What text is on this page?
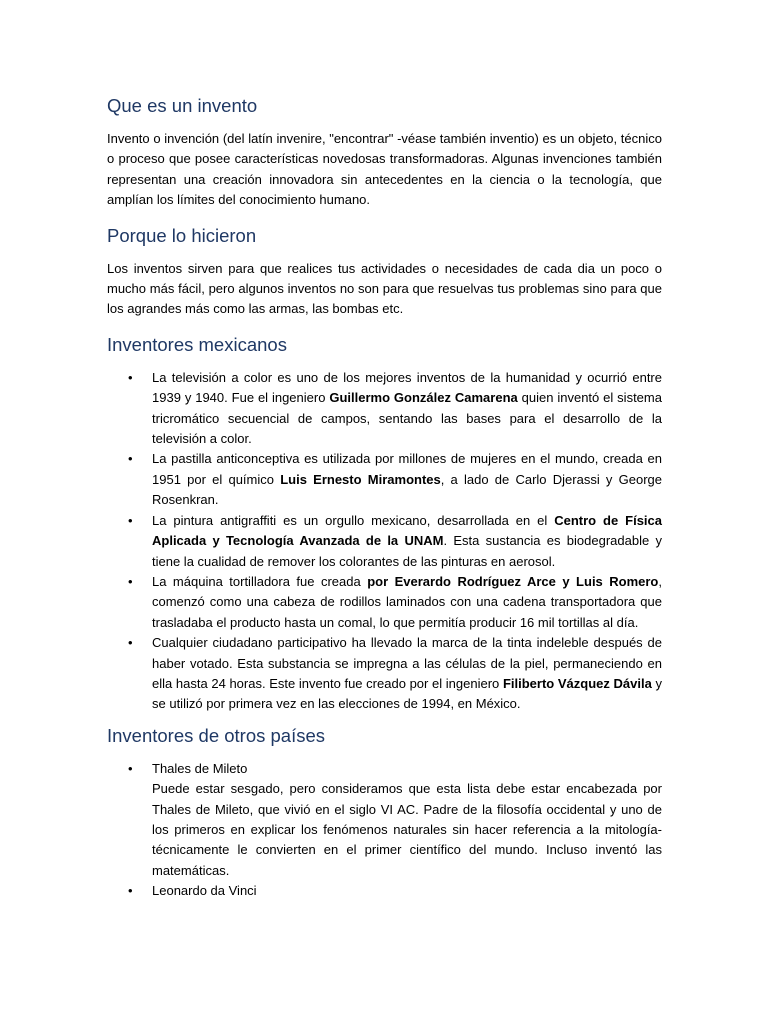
Que es un invento

Invento o invención (del latín invenire, "encontrar" -véase también inventio) es un objeto, técnico o proceso que posee características novedosas transformadoras. Algunas invenciones también representan una creación innovadora sin antecedentes en la ciencia o la tecnología, que amplían los límites del conocimiento humano.

Porque lo hicieron

Los inventos sirven para que realices tus actividades o necesidades de cada dia un poco o mucho más fácil, pero algunos inventos no son para que resuelvas tus problemas sino para que los agrandes más como las armas, las bombas etc.

Inventores mexicanos
• La televisión a color es uno de los mejores inventos de la humanidad y ocurrió entre 1939 y 1940. Fue el ingeniero Guillermo González Camarena quien inventó el sistema tricromático secuencial de campos, sentando las bases para el desarrollo de la televisión a color.
• La pastilla anticonceptiva es utilizada por millones de mujeres en el mundo, creada en 1951 por el químico Luis Ernesto Miramontes, a lado de Carlo Djerassi y George Rosenkran.
• La pintura antigraffiti es un orgullo mexicano, desarrollada en el Centro de Física Aplicada y Tecnología Avanzada de la UNAM. Esta sustancia es biodegradable y tiene la cualidad de remover los colorantes de las pinturas en aerosol.
• La máquina tortilladora fue creada por Everardo Rodríguez Arce y Luis Romero, comenzó como una cabeza de rodillos laminados con una cadena transportadora que trasladaba el producto hasta un comal, lo que permitía producir 16 mil tortillas al día.
• Cualquier ciudadano participativo ha llevado la marca de la tinta indeleble después de haber votado. Esta substancia se impregna a las células de la piel, permaneciendo en ella hasta 24 horas. Este invento fue creado por el ingeniero Filiberto Vázquez Dávila y se utilizó por primera vez en las elecciones de 1994, en México.
Inventores de otros países
• Thales de Mileto
Puede estar sesgado, pero consideramos que esta lista debe estar encabezada por Thales de Mileto, que vivió en el siglo VI AC. Padre de la filosofía occidental y uno de los primeros en explicar los fenómenos naturales sin hacer referencia a la mitología- técnicamente le convierten en el primer científico del mundo. Incluso inventó las matemáticas.
• Leonardo da Vinci
